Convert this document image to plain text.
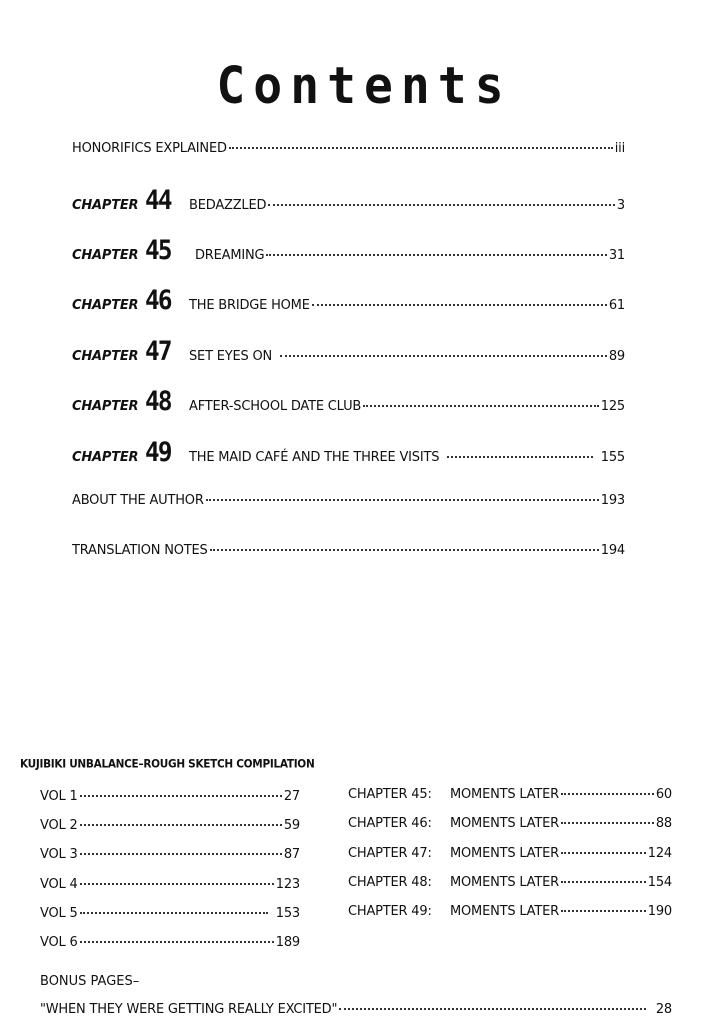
Contents
HONORIFICS EXPLAINED	iii
CHAPTER 44	BEDAZZLED	3
CHAPTER 45	DREAMING	31
CHAPTER 46	THE BRIDGE HOME	61
CHAPTER 47	SET EYES ON	89
CHAPTER 48	AFTER-SCHOOL DATE CLUB	125
CHAPTER 49	THE MAID CAFÉ AND THE THREE VISITS	155
ABOUT THE AUTHOR	193
TRANSLATION NOTES	194
KUJIBIKI UNBALANCE–ROUGH SKETCH COMPILATION
VOL 1	27
VOL 2	59
VOL 3	87
VOL 4	123
VOL 5	153
VOL 6	189
CHAPTER 45:	MOMENTS LATER	60
CHAPTER 46:	MOMENTS LATER	88
CHAPTER 47:	MOMENTS LATER	124
CHAPTER 48:	MOMENTS LATER	154
CHAPTER 49:	MOMENTS LATER	190
BONUS PAGES–
"WHEN THEY WERE GETTING REALLY EXCITED"	28
